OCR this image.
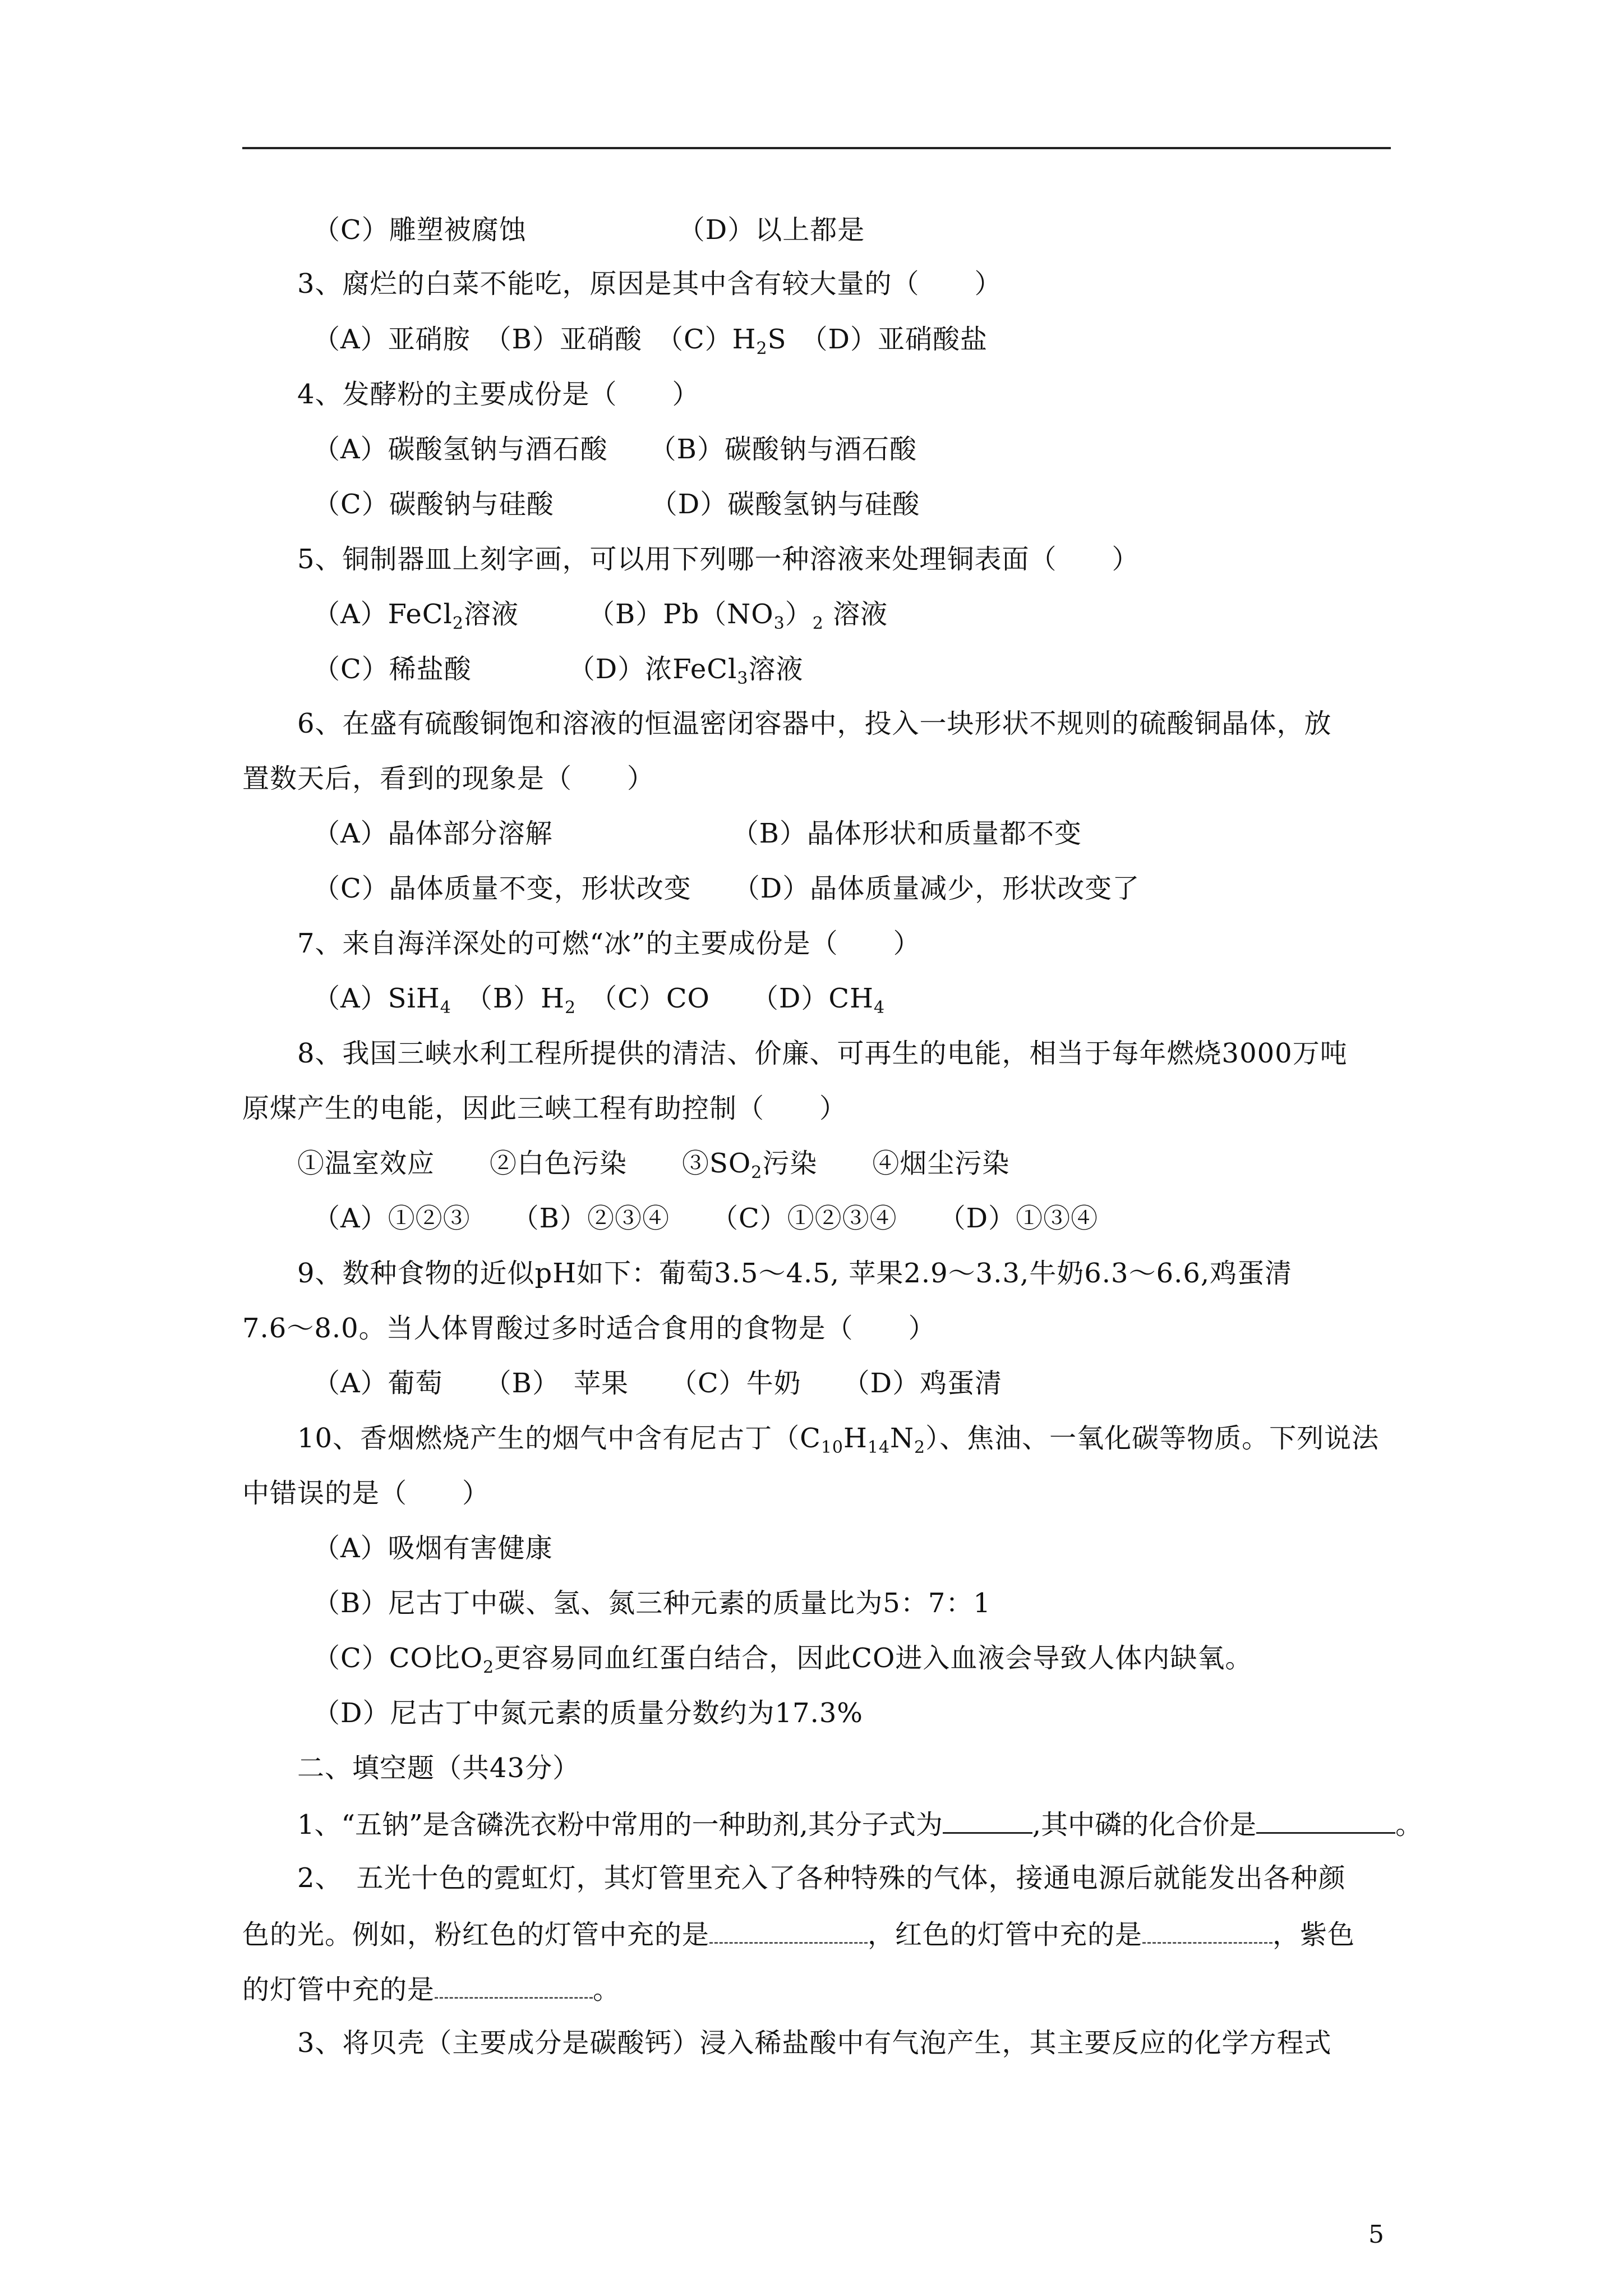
（C）雕塑被腐蚀　　　　　　（D）以上都是
3、腐烂的白菜不能吃，原因是其中含有较大量的（　　）
（A）亚硝胺　（B）亚硝酸　$(C)H_2S$　（D）亚硝酸盐
4、发酵粉的主要成份是（　　）
（A）碳酸氢钠与酒石酸　　（B）碳酸钠与酒石酸
（C）碳酸钠与硅酸　　　　（D）碳酸氢钠与硅酸
5、铜制器皿上刻字画，可以用下列哪一种溶液来处理铜表面（　　）
（A）FeCl$_2$溶液　　　$(B)Pb(NO_3)_2$ 溶液
（C）稀盐酸　　　　（D）浓FeCl$_3$溶液
6、在盛有硫酸铜饱和溶液的恒温密闭容器中，投入一块形状不规则的硫酸铜晶体，放
置数天后，看到的现象是（　　）
（A）晶体部分溶解　　　　　　　（B）晶体形状和质量都不变
（C）晶体质量不变，形状改变　　（D）晶体质量减少，形状改变了
7、来自海洋深处的可燃“冰”的主要成份是（　　）
（A）SiH$_4$　$(B)H_2$　（C）CO　　$(D)CH_4$
8、我国三峡水利工程所提供的清洁、价廉、可再生的电能，相当于每年燃烧3000万吨
原煤产生的电能，因此三峡工程有助控制（　　）
①温室效应　　②白色污染　　$③SO_2$污染　　④烟尘污染
（A）①②③　　（B）②③④　　（C）①②③④　　（D）①③④
9、数种食物的近似pH如下：葡萄3.5～4.5, 苹果2.9～3.3,牛奶6.3～6.6,鸡蛋清
7.6～8.0。当人体胃酸过多时适合食用的食物是（　　）
（A）葡萄　　（B）　苹果　　（C）牛奶　　（D）鸡蛋清
10、香烟燃烧产生的烟气中含有尼古丁$(C_{10}H_{14}N_2)$、焦油、一氧化碳等物质。下列说法
中错误的是（　　）
（A）吸烟有害健康
（B）尼古丁中碳、氢、氮三种元素的质量比为5：7：1
（C）CO比$O_2$更容易同血红蛋白结合，因此CO进入血液会导致人体内缺氧。
（D）尼古丁中氮元素的质量分数约为17.3%
二、填空题（共43分）
1、“五钠”是含磷洗衣粉中常用的一种助剂,其分子式为	,其中磷的化合价是	。
2、　五光十色的霓虹灯，其灯管里充入了各种特殊的气体，接通电源后就能发出各种颜
色的光。例如，粉红色的灯管中充的是	，红色的灯管中充的是	，紫色
的灯管中充的是	。
3、将贝壳（主要成分是碳酸钙）浸入稀盐酸中有气泡产生，其主要反应的化学方程式
5
